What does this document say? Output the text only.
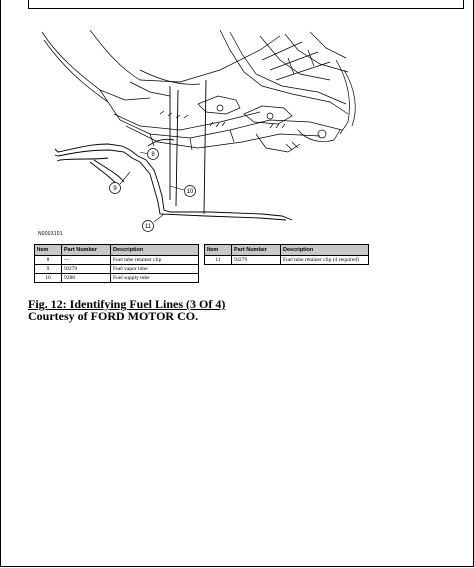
8
9	10
11
N0003101
Item	Part Number	Description
8	---	Fuel tube retainer clip
9	9J279	Fuel vapor tube
10	9288	Fuel supply tube
Item	Part Number	Description
11	9J279	Fuel tube retainer clip (4 required)
Fig. 12: Identifying Fuel Lines (3 Of 4)
Courtesy of FORD MOTOR CO.
